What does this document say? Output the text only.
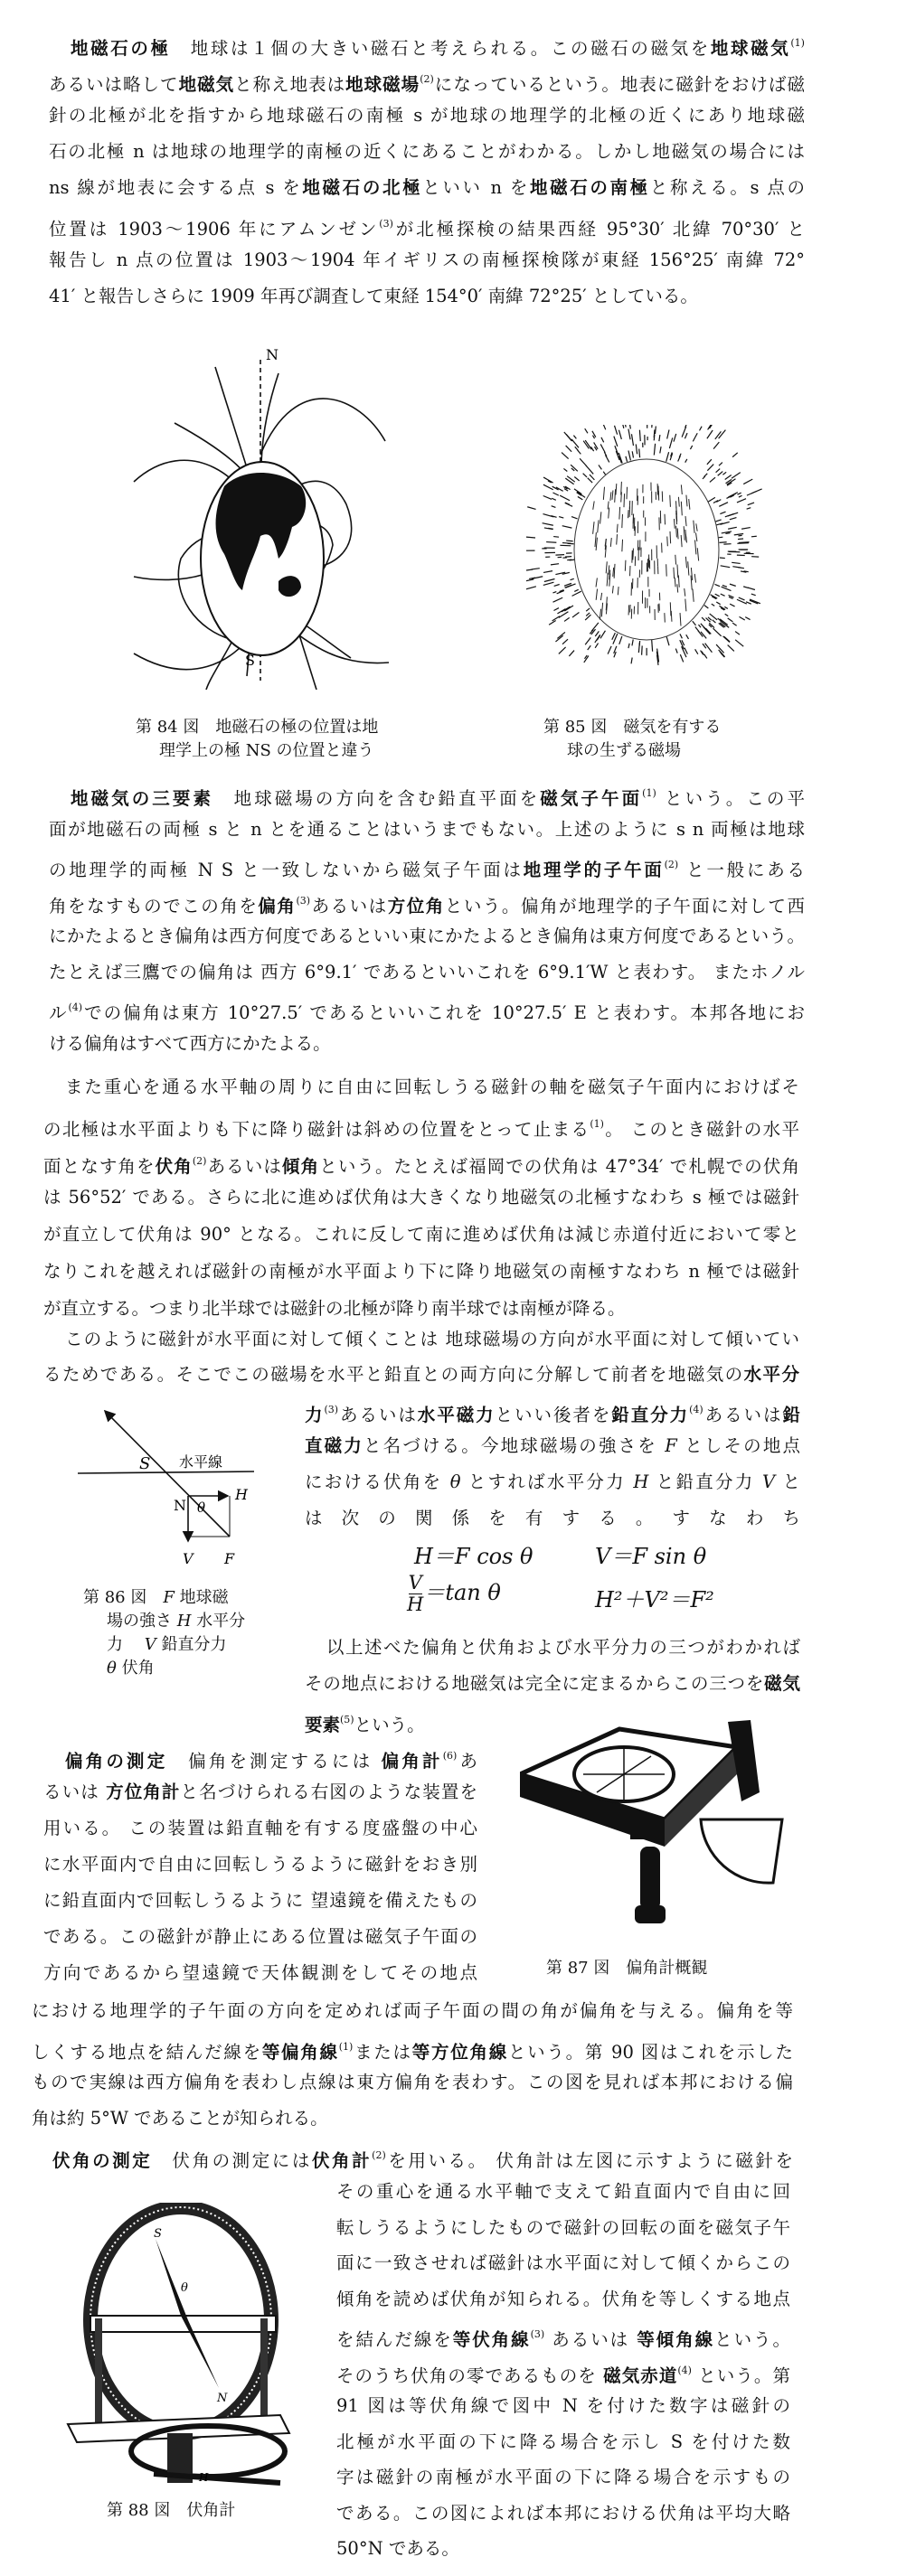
地磁石の極　地球は１個の大きい磁石と考えられる。この磁石の磁気を地球磁気$^{(1)}$
あるいは略して地磁気と称え地表は地球磁場$^{(2)}$になっているという。地表に磁針をおけば磁
針の北極が北を指すから地球磁石の南極 s が地球の地理学的北極の近くにあり地球磁
石の北極 n は地球の地理学的南極の近くにあることがわかる。しかし地磁気の場合には
ns 線が地表に会する点 s を地磁石の北極といい n を地磁石の南極と称える。s 点の
位置は 1903～1906 年にアムンゼン$^{(3)}$が北極探検の結果西経 95°30′ 北緯 70°30′ と
報告し n 点の位置は 1903～1904 年イギリスの南極探検隊が東経 156°25′ 南緯 72°
41′ と報告しさらに 1909 年再び調査して東経 154°0′ 南緯 72°25′ としている。
N
S
第 84 図　地磁石の極の位置は地
理学上の極 NS の位置と違う
第 85 図　磁気を有する
球の生ずる磁場
地磁気の三要素　地球磁場の方向を含む鉛直平面を磁気子午面$^{(1)}$ という。この平
面が地磁石の両極 s と n とを通ることはいうまでもない。上述のように s n 両極は地球
の地理学的両極 N S と一致しないから磁気子午面は地理学的子午面$^{(2)}$ と一般にある
角をなすものでこの角を偏角$^{(3)}$あるいは方位角という。偏角が地理学的子午面に対して西
にかたよるとき偏角は西方何度であるといい東にかたよるとき偏角は東方何度であるという。
たとえば三鷹での偏角は 西方 6°9.1′ であるといいこれを 6°9.1′W と表わす。 またホノル
ル$^{(4)}$での偏角は東方 10°27.5′ であるといいこれを 10°27.5′ E と表わす。本邦各地にお
ける偏角はすべて西方にかたよる。
また重心を通る水平軸の周りに自由に回転しうる磁針の軸を磁気子午面内におけばそ
の北極は水平面よりも下に降り磁針は斜めの位置をとって止まる$^{(1)}$。 このとき磁針の水平
面となす角を伏角$^{(2)}$あるいは傾角という。たとえば福岡での伏角は 47°34′ で札幌での伏角
は 56°52′ である。さらに北に進めば伏角は大きくなり地磁気の北極すなわち s 極では磁針
が直立して伏角は 90° となる。これに反して南に進めば伏角は減じ赤道付近において零と
なりこれを越えれば磁針の南極が水平面より下に降り地磁気の南極すなわち n 極では磁針
が直立する。つまり北半球では磁針の北極が降り南半球では南極が降る。
このように磁針が水平面に対して傾くことは 地球磁場の方向が水平面に対して傾いてい
るためである。そこでこの磁場を水平と鉛直との両方向に分解して前者を地磁気の水平分
力$^{(3)}$あるいは水平磁力といい後者を鉛直分力$^{(4)}$あるいは鉛
直磁力と名づける。今地球磁場の強さを F としその地点
における伏角を θ とすれば水平分力 H と鉛直分力 V と
は次の関係を有する。すなわち
H＝F cos θ	V＝F sin θ
$\frac{V}{H} =\tan$ θ	H²＋V²＝F²
以上述べた偏角と伏角および水平分力の三つがわかれば
その地点における地磁気は完全に定まるからこの三つを磁気
要素$^{(5)}$という。
S 水平線
N θ
H
V F
第 86 図　F 地球磁
場の強さ H 水平分
力　 V 鉛直分力
θ 伏角
偏角の測定　偏角を測定するには 偏角計$^{(6)}$あ
るいは 方位角計と名づけられる右図のような装置を
用いる。 この装置は鉛直軸を有する度盛盤の中心
に水平面内で自由に回転しうるように磁針をおき別
に鉛直面内で回転しうるように 望遠鏡を備えたもの
である。この磁針が静止にある位置は磁気子午面の
方向であるから望遠鏡で天体観測をしてその地点	第 87 図　偏角計概観
における地理学的子午面の方向を定めれば両子午面の間の角が偏角を与える。偏角を等
しくする地点を結んだ線を等偏角線$^{(1)}$または等方位角線という。第 90 図はこれを示した
もので実線は西方偏角を表わし点線は東方偏角を表わす。この図を見れば本邦における偏
角は約 5°W であることが知られる。
伏角の測定　伏角の測定には伏角計$^{(2)}$を用いる。 伏角計は左図に示すように磁針を
その重心を通る水平軸で支えて鉛直面内で自由に回
転しうるようにしたもので磁針の回転の面を磁気子午
面に一致させれば磁針は水平面に対して傾くからこの
傾角を読めば伏角が知られる。伏角を等しくする地点
を結んだ線を等伏角線$^{(3)}$ あるいは 等傾角線という。
そのうち伏角の零であるものを 磁気赤道$^{(4)}$ という。第
91 図は等伏角線で図中 N を付けた数字は磁針の
北極が水平面の下に降る場合を示し S を付けた数
字は磁針の南極が水平面の下に降る場合を示すもの
である。この図によれば本邦における伏角は平均大略
50°N である。
S
θ
N
H
第 88 図　伏角計
